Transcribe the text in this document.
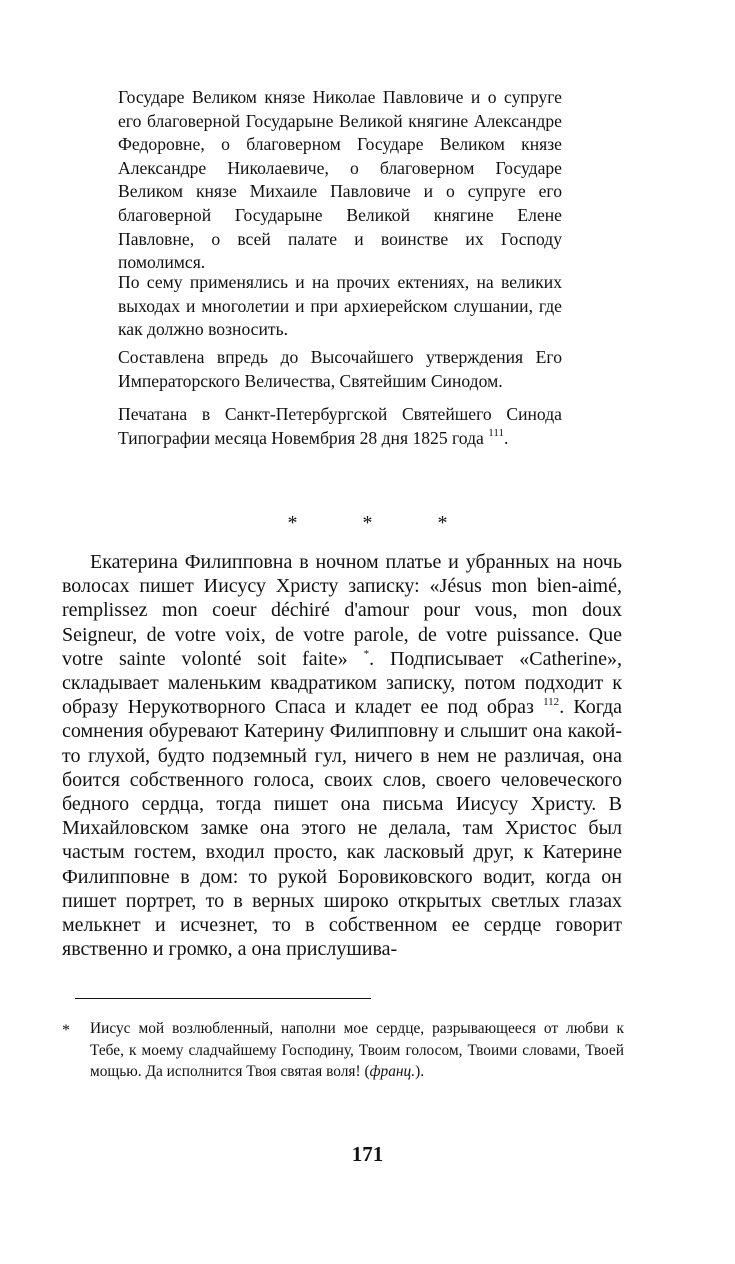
Государе Великом князе Николае Павловиче и о супруге его благоверной Государыне Великой княгине Александре Федоровне, о благоверном Государе Великом князе Александре Николаевиче, о благоверном Государе Великом князе Михаиле Павловиче и о супруге его благоверной Государыне Великой княгине Елене Павловне, о всей палате и воинстве их Господу помолимся.

По сему применялись и на прочих ектениях, на великих выходах и многолетии и при архиерейском слушании, где как должно возносить.

Составлена впредь до Высочайшего утверждения Его Императорского Величества, Святейшим Синодом.

Печатана в Санкт-Петербургской Святейшего Синода Типографии месяца Новембрия 28 дня 1825 года $^{111}$.

* * *

Екатерина Филипповна в ночном платье и убранных на ночь волосах пишет Иисусу Христу записку: «Jésus mon bien-aimé, remplissez mon coeur déchiré d'amour pour vous, mon doux Seigneur, de votre voix, de votre parole, de votre puissance. Que votre sainte volonté soit faite» *. Подписывает «Catherine», складывает маленьким квадратиком записку, потом подходит к образу Нерукотворного Спаса и кладет ее под образ $^{112}$. Когда сомнения обуревают Катерину Филипповну и слышит она какой-то глухой, будто подземный гул, ничего в нем не различая, она боится собственного голоса, своих слов, своего человеческого бедного сердца, тогда пишет она письма Иисусу Христу. В Михайловском замке она этого не делала, там Христос был частым гостем, входил просто, как ласковый друг, к Катерине Филипповне в дом: то рукой Боровиковского водит, когда он пишет портрет, то в верных широко открытых светлых глазах мелькнет и исчезнет, то в собственном ее сердце говорит явственно и громко, а она прислушива-

* Иисус мой возлюбленный, наполни мое сердце, разрывающееся от любви к Тебе, к моему сладчайшему Господину, Твоим голосом, Твоими словами, Твоей мощью. Да исполнится Твоя святая воля! (франц.).
171
